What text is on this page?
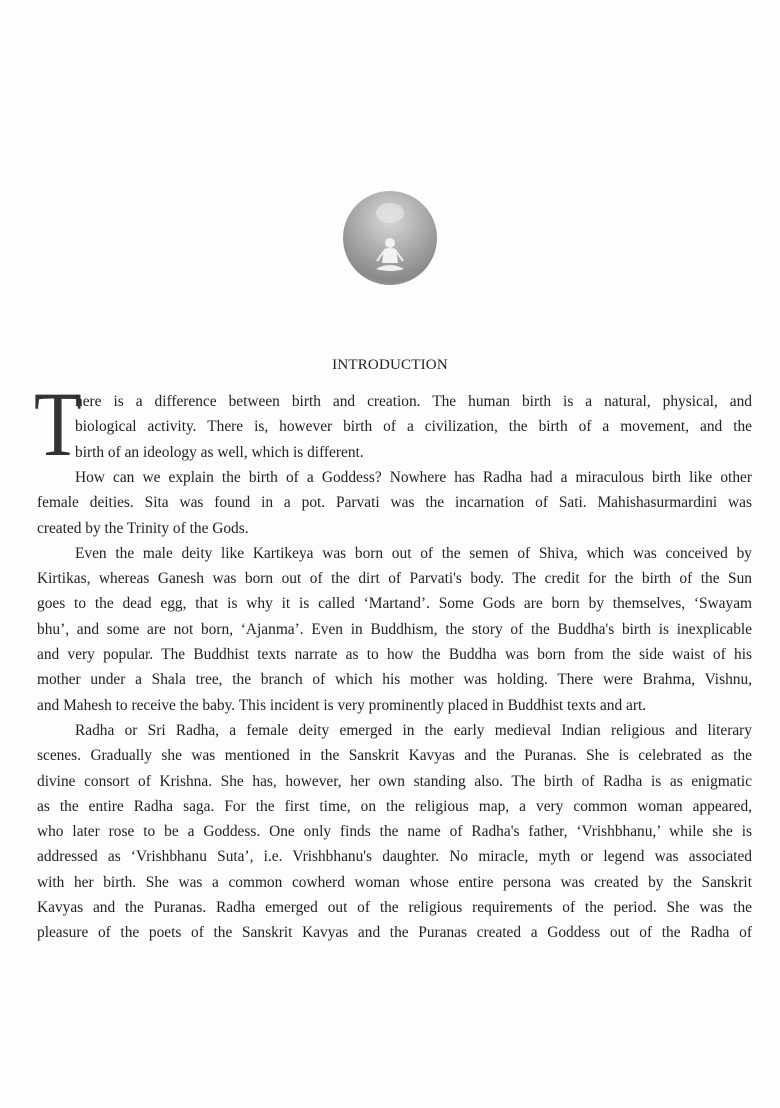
INTRODUCTION
T
here is a difference between birth and creation. The human birth is a natural, physical, and
biological activity. There is, however birth of a civilization, the birth of a movement, and the
birth of an ideology as well, which is different.
How can we explain the birth of a Goddess? Nowhere has Radha had a miraculous birth like other
female deities. Sita was found in a pot. Parvati was the incarnation of Sati. Mahishasurmardini was
created by the Trinity of the Gods.
Even the male deity like Kartikeya was born out of the semen of Shiva, which was conceived by
Kirtikas, whereas Ganesh was born out of the dirt of Parvati's body. The credit for the birth of the Sun
goes to the dead egg, that is why it is called ‘Martand’. Some Gods are born by themselves, ‘Swayam
bhu’, and some are not born, ‘Ajanma’. Even in Buddhism, the story of the Buddha's birth is inexplicable
and very popular. The Buddhist texts narrate as to how the Buddha was born from the side waist of his
mother under a Shala tree, the branch of which his mother was holding. There were Brahma, Vishnu,
and Mahesh to receive the baby. This incident is very prominently placed in Buddhist texts and art.
Radha or Sri Radha, a female deity emerged in the early medieval Indian religious and literary
scenes. Gradually she was mentioned in the Sanskrit Kavyas and the Puranas. She is celebrated as the
divine consort of Krishna. She has, however, her own standing also. The birth of Radha is as enigmatic
as the entire Radha saga. For the first time, on the religious map, a very common woman appeared,
who later rose to be a Goddess. One only finds the name of Radha's father, ‘Vrishbhanu,’ while she is
addressed as ‘Vrishbhanu Suta’, i.e. Vrishbhanu's daughter. No miracle, myth or legend was associated
with her birth. She was a common cowherd woman whose entire persona was created by the Sanskrit
Kavyas and the Puranas. Radha emerged out of the religious requirements of the period. She was the
pleasure of the poets of the Sanskrit Kavyas and the Puranas created a Goddess out of the Radha of
